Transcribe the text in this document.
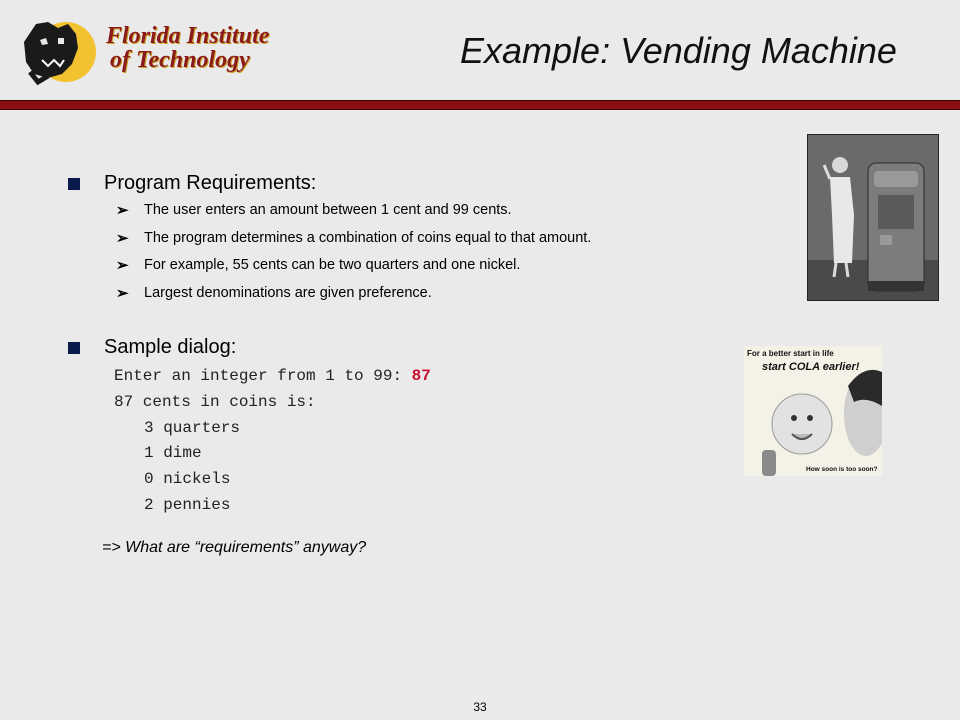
Florida Institute
of Technology	Example: Vending Machine
Program Requirements:
➢ The user enters an amount between 1 cent and 99 cents.
➢ The program determines a combination of coins equal to that amount.
➢ For example, 55 cents can be two quarters and one nickel.
➢ Largest denominations are given preference.
Sample dialog:
Enter an integer from 1 to 99: 87
87 cents in coins is:
3 quarters
1 dime
0 nickels
2 pennies
=> What are “requirements” anyway?
For a better start in life
start COLA earlier!
How soon is too soon?
33
